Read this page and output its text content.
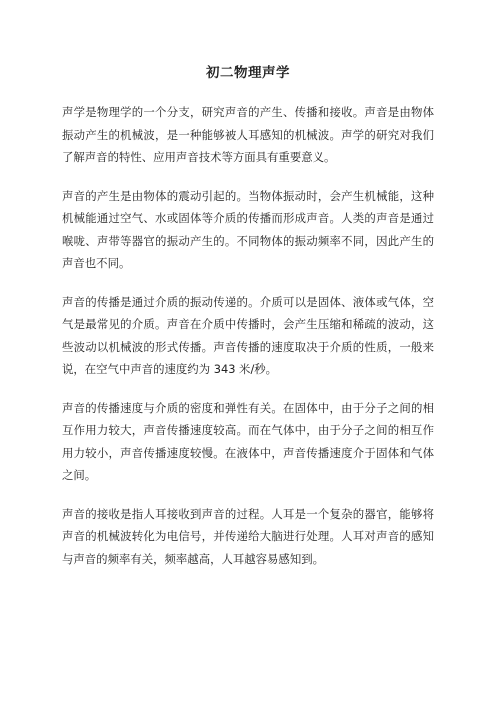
初二物理声学

声学是物理学的一个分支，研究声音的产生、传播和接收。声音是由物体振动产生的机械波，是一种能够被人耳感知的机械波。声学的研究对我们了解声音的特性、应用声音技术等方面具有重要意义。

声音的产生是由物体的震动引起的。当物体振动时，会产生机械能，这种机械能通过空气、水或固体等介质的传播而形成声音。人类的声音是通过喉咙、声带等器官的振动产生的。不同物体的振动频率不同，因此产生的声音也不同。

声音的传播是通过介质的振动传递的。介质可以是固体、液体或气体，空气是最常见的介质。声音在介质中传播时，会产生压缩和稀疏的波动，这些波动以机械波的形式传播。声音传播的速度取决于介质的性质，一般来说，在空气中声音的速度约为 343 米/秒。

声音的传播速度与介质的密度和弹性有关。在固体中，由于分子之间的相互作用力较大，声音传播速度较高。而在气体中，由于分子之间的相互作用力较小，声音传播速度较慢。在液体中，声音传播速度介于固体和气体之间。

声音的接收是指人耳接收到声音的过程。人耳是一个复杂的器官，能够将声音的机械波转化为电信号，并传递给大脑进行处理。人耳对声音的感知与声音的频率有关，频率越高，人耳越容易感知到。
